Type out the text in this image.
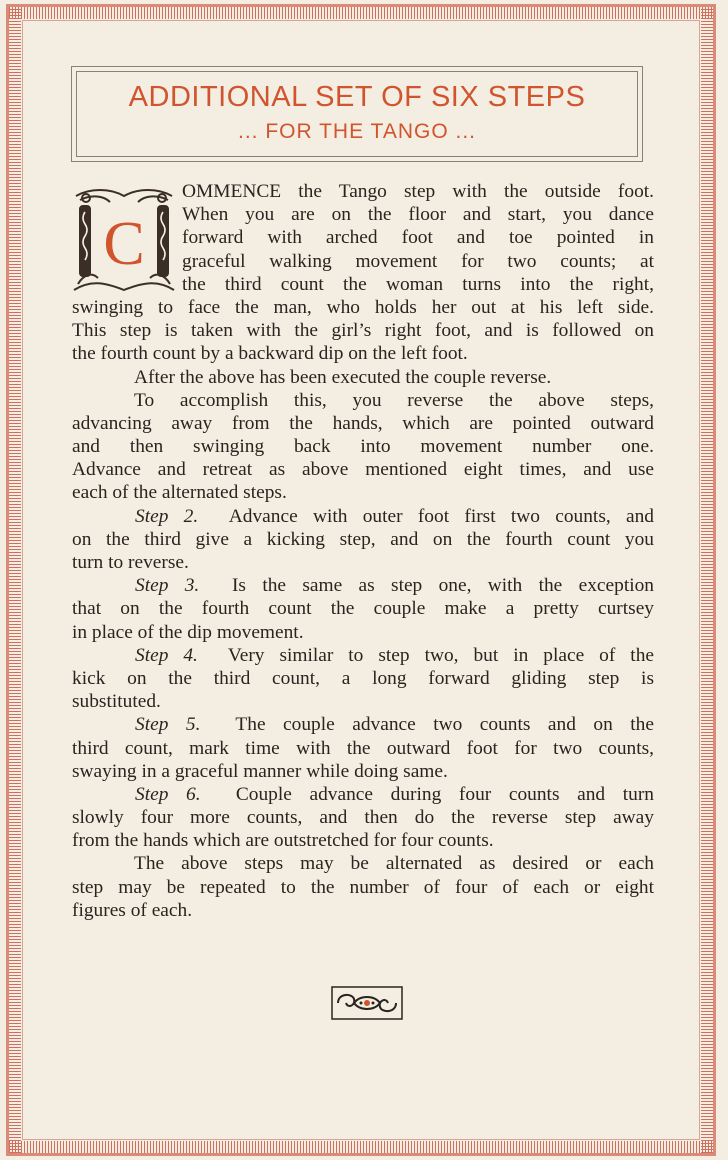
ADDITIONAL SET OF SIX STEPS
... FOR THE TANGO ...
C
OMMENCE the Tango step with the outside foot.
When you are on the floor and start, you dance
forward with arched foot and toe pointed in
graceful walking movement for two counts; at
the third count the woman turns into the right,
swinging to face the man, who holds her out at his left side.
This step is taken with the girl’s right foot, and is followed on
the fourth count by a backward dip on the left foot.
After the above has been executed the couple reverse.
To accomplish this, you reverse the above steps,
advancing away from the hands, which are pointed outward
and then swinging back into movement number one.
Advance and retreat as above mentioned eight times, and use
each of the alternated steps.
Step 2. Advance with outer foot first two counts, and
on the third give a kicking step, and on the fourth count you
turn to reverse.
Step 3. Is the same as step one, with the exception
that on the fourth count the couple make a pretty curtsey
in place of the dip movement.
Step 4. Very similar to step two, but in place of the
kick on the third count, a long forward gliding step is
substituted.
Step 5. The couple advance two counts and on the
third count, mark time with the outward foot for two counts,
swaying in a graceful manner while doing same.
Step 6. Couple advance during four counts and turn
slowly four more counts, and then do the reverse step away
from the hands which are outstretched for four counts.
The above steps may be alternated as desired or each
step may be repeated to the number of four of each or eight
figures of each.
